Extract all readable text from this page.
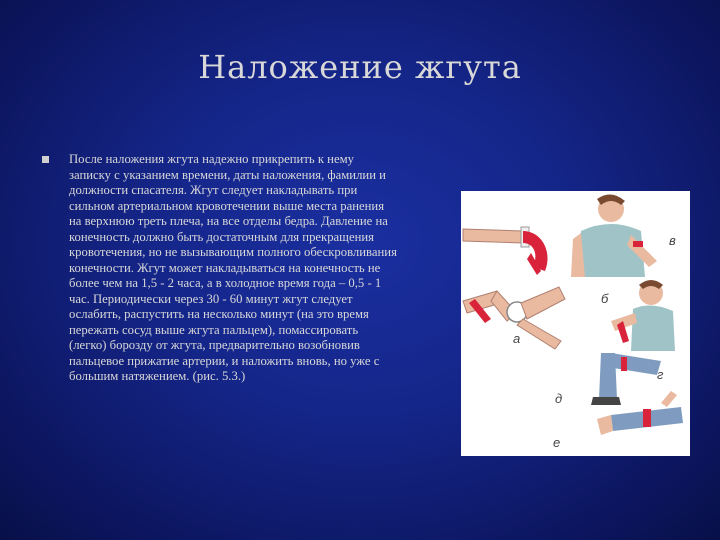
Наложение жгута
После наложения жгута надежно прикрепить к нему записку с указанием времени, даты наложения, фамилии и должности спасателя. Жгут следует накладывать при сильном артериальном кровотечении выше места ранения на верхнюю треть плеча, на все отделы бедра. Давление на конечность должно быть достаточным для прекращения кровотечения, но не вызывающим полного обескровливания конечности. Жгут может накладываться на конечность не более чем на 1,5 - 2 часа, а в холодное время года – 0,5 - 1 час. Периодически через 30 - 60 минут жгут следует ослабить, распустить на несколько минут (на это время пережать сосуд выше жгута пальцем), помассировать (легко) борозду от жгута, предварительно возобновив пальцевое прижатие артерии, и наложить вновь, но уже с большим натяжением. (рис. 5.3.)
в
б
а
г
д
е
